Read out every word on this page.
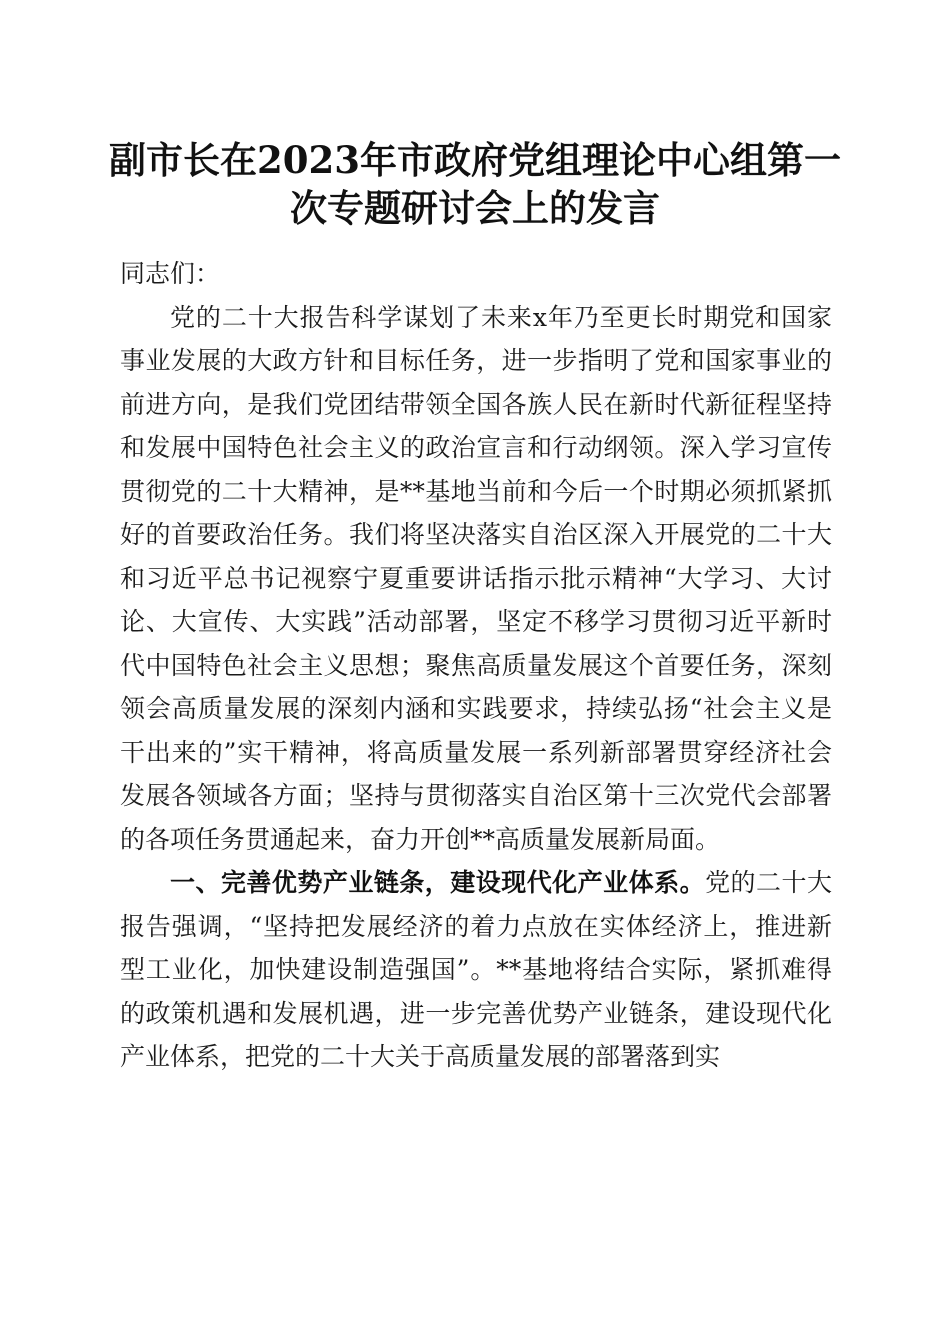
副市长在2023年市政府党组理论中心组第一
次专题研讨会上的发言

同志们：

党的二十大报告科学谋划了未来x年乃至更长时期党和国家事业发展的大政方针和目标任务，进一步指明了党和国家事业的前进方向，是我们党团结带领全国各族人民在新时代新征程坚持和发展中国特色社会主义的政治宣言和行动纲领。深入学习宣传贯彻党的二十大精神，是**基地当前和今后一个时期必须抓紧抓好的首要政治任务。我们将坚决落实自治区深入开展党的二十大和习近平总书记视察宁夏重要讲话指示批示精神“大学习、大讨论、大宣传、大实践”活动部署，坚定不移学习贯彻习近平新时代中国特色社会主义思想；聚焦高质量发展这个首要任务，深刻领会高质量发展的深刻内涵和实践要求，持续弘扬“社会主义是干出来的”实干精神，将高质量发展一系列新部署贯穿经济社会发展各领域各方面；坚持与贯彻落实自治区第十三次党代会部署的各项任务贯通起来，奋力开创**高质量发展新局面。

一、完善优势产业链条，建设现代化产业体系。党的二十大报告强调，“坚持把发展经济的着力点放在实体经济上，推进新型工业化，加快建设制造强国”。**基地将结合实际，紧抓难得的政策机遇和发展机遇，进一步完善优势产业链条，建设现代化产业体系，把党的二十大关于高质量发展的部署落到实
